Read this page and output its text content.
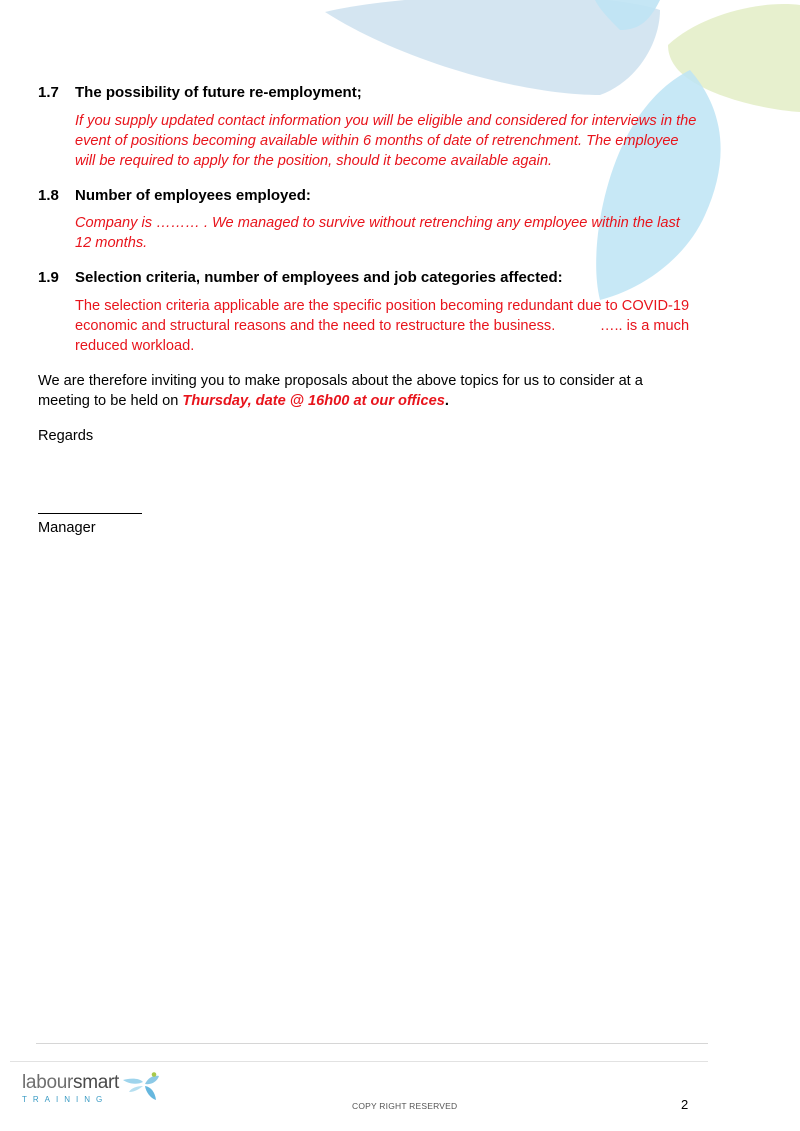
1.7	The possibility of future re-employment;
If you supply updated contact information you will be eligible and considered for interviews in the
event of positions becoming available within 6 months of date of retrenchment. The employee
will be required to apply for the position, should it become available again.
1.8	Number of employees employed:
Company is ……… . We managed to survive without retrenching any employee within the last
12 months.
1.9	Selection criteria, number of employees and job categories affected:
The selection criteria applicable are the specific position becoming redundant due to COVID-19
economic and structural reasons and the need to restructure the business.           ….. is a much
reduced workload.
We are therefore inviting you to make proposals about the above topics for us to consider at a
meeting to be held on Thursday, date @ 16h00 at our offices.
Regards
Manager
laboursmart
TRAINING
COPY RIGHT RESERVED	2
